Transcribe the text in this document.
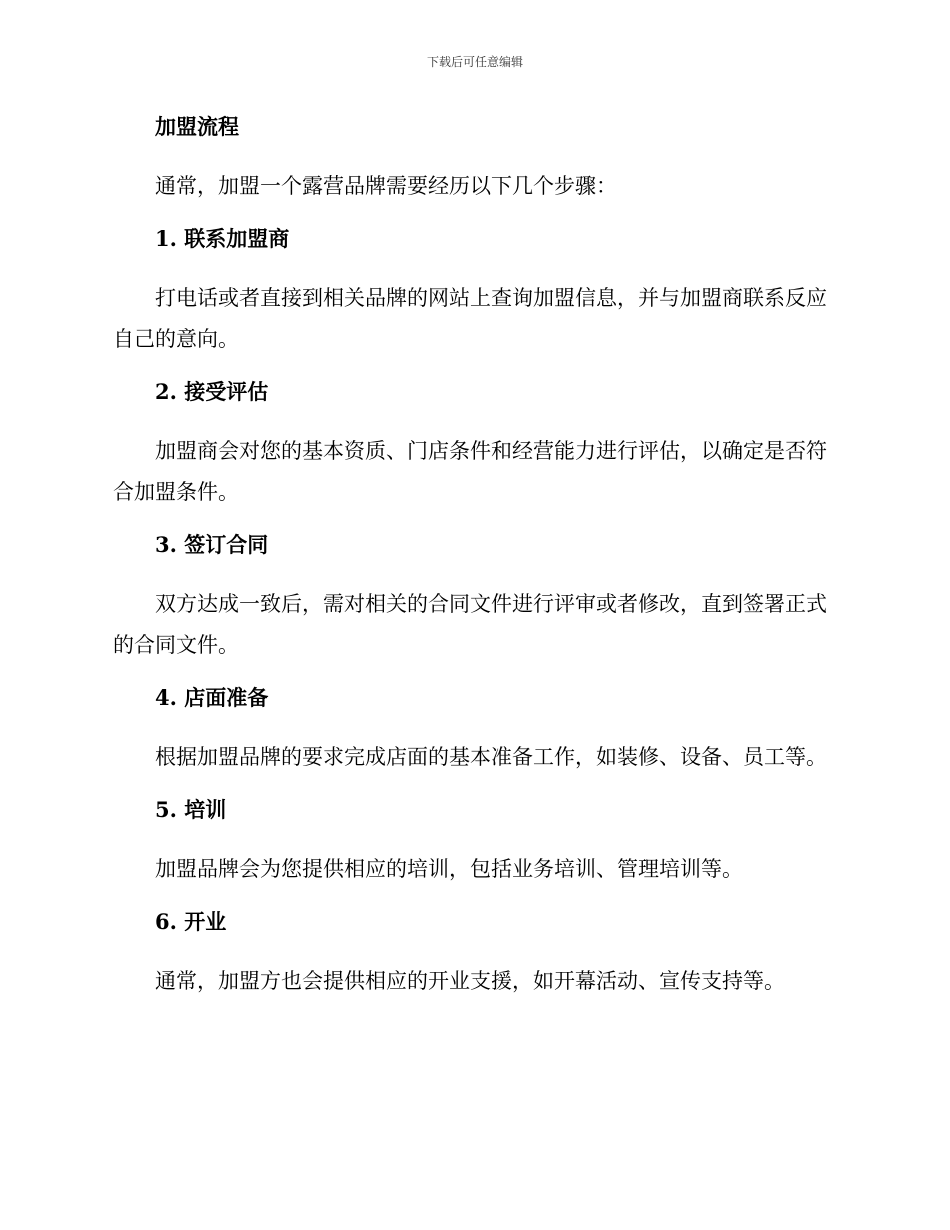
下载后可任意编辑
加盟流程
通常，加盟一个露营品牌需要经历以下几个步骤：
1. 联系加盟商
打电话或者直接到相关品牌的网站上查询加盟信息，并与加盟商联系反应自己的意向。
2. 接受评估
加盟商会对您的基本资质、门店条件和经营能力进行评估，以确定是否符合加盟条件。
3. 签订合同
双方达成一致后，需对相关的合同文件进行评审或者修改，直到签署正式的合同文件。
4. 店面准备
根据加盟品牌的要求完成店面的基本准备工作，如装修、设备、员工等。
5. 培训
加盟品牌会为您提供相应的培训，包括业务培训、管理培训等。
6. 开业
通常，加盟方也会提供相应的开业支援，如开幕活动、宣传支持等。
